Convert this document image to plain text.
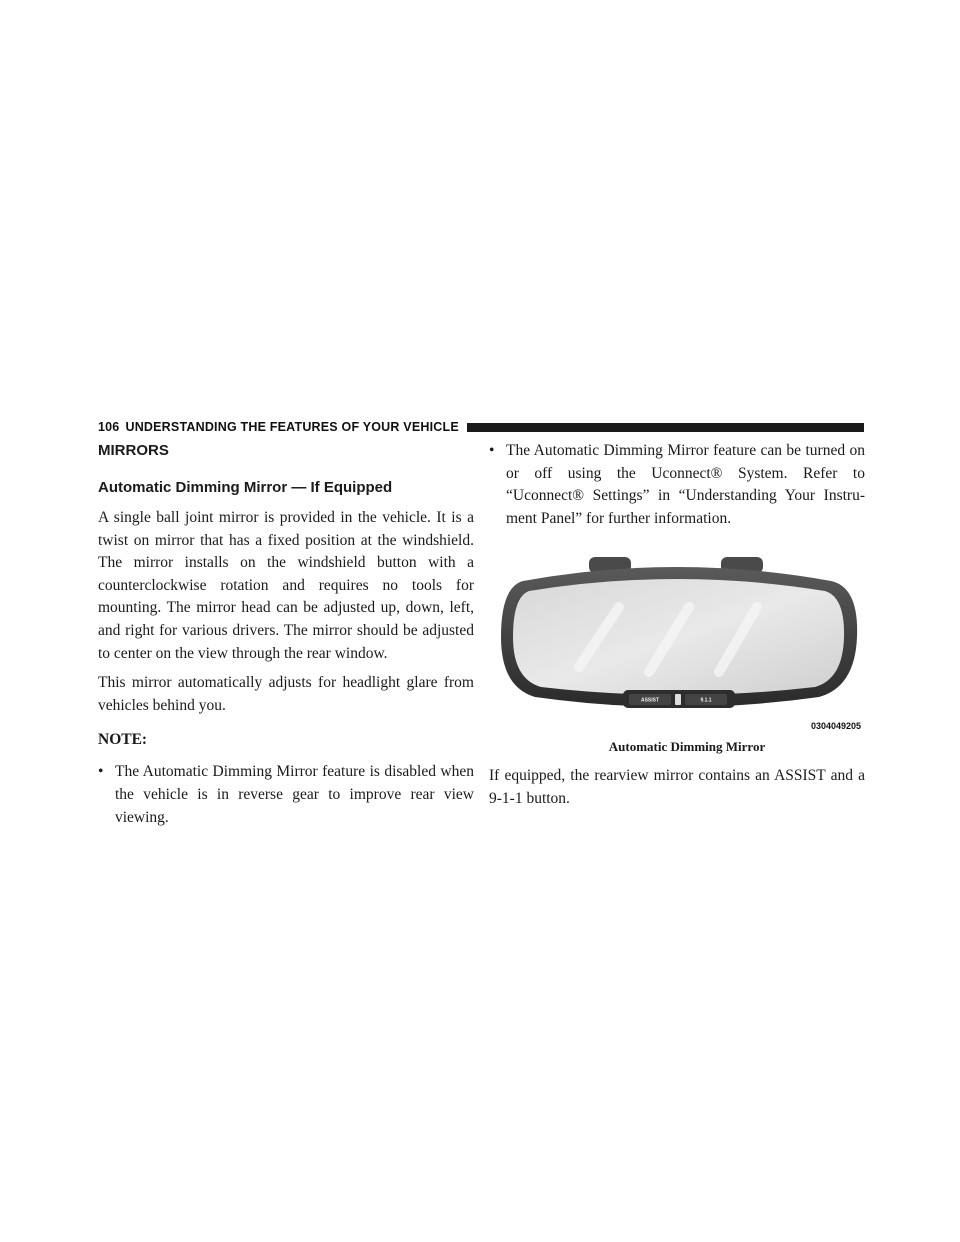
106 UNDERSTANDING THE FEATURES OF YOUR VEHICLE
MIRRORS
Automatic Dimming Mirror — If Equipped

A single ball joint mirror is provided in the vehicle. It is a twist on mirror that has a fixed position at the windshield. The mirror installs on the windshield button with a counterclockwise rotation and requires no tools for mounting. The mirror head can be adjusted up, down, left, and right for various drivers. The mirror should be adjusted to center on the view through the rear window.

This mirror automatically adjusts for headlight glare from vehicles behind you.

NOTE:
• The Automatic Dimming Mirror feature is disabled when the vehicle is in reverse gear to improve rear view viewing.
• The Automatic Dimming Mirror feature can be turned on or off using the Uconnect® System. Refer to “Uconnect® Settings” in “Understanding Your Instrument Panel” for further information.
ASSIST	9.1.1
0304049205
Automatic Dimming Mirror

If equipped, the rearview mirror contains an ASSIST and a 9-1-1 button.
